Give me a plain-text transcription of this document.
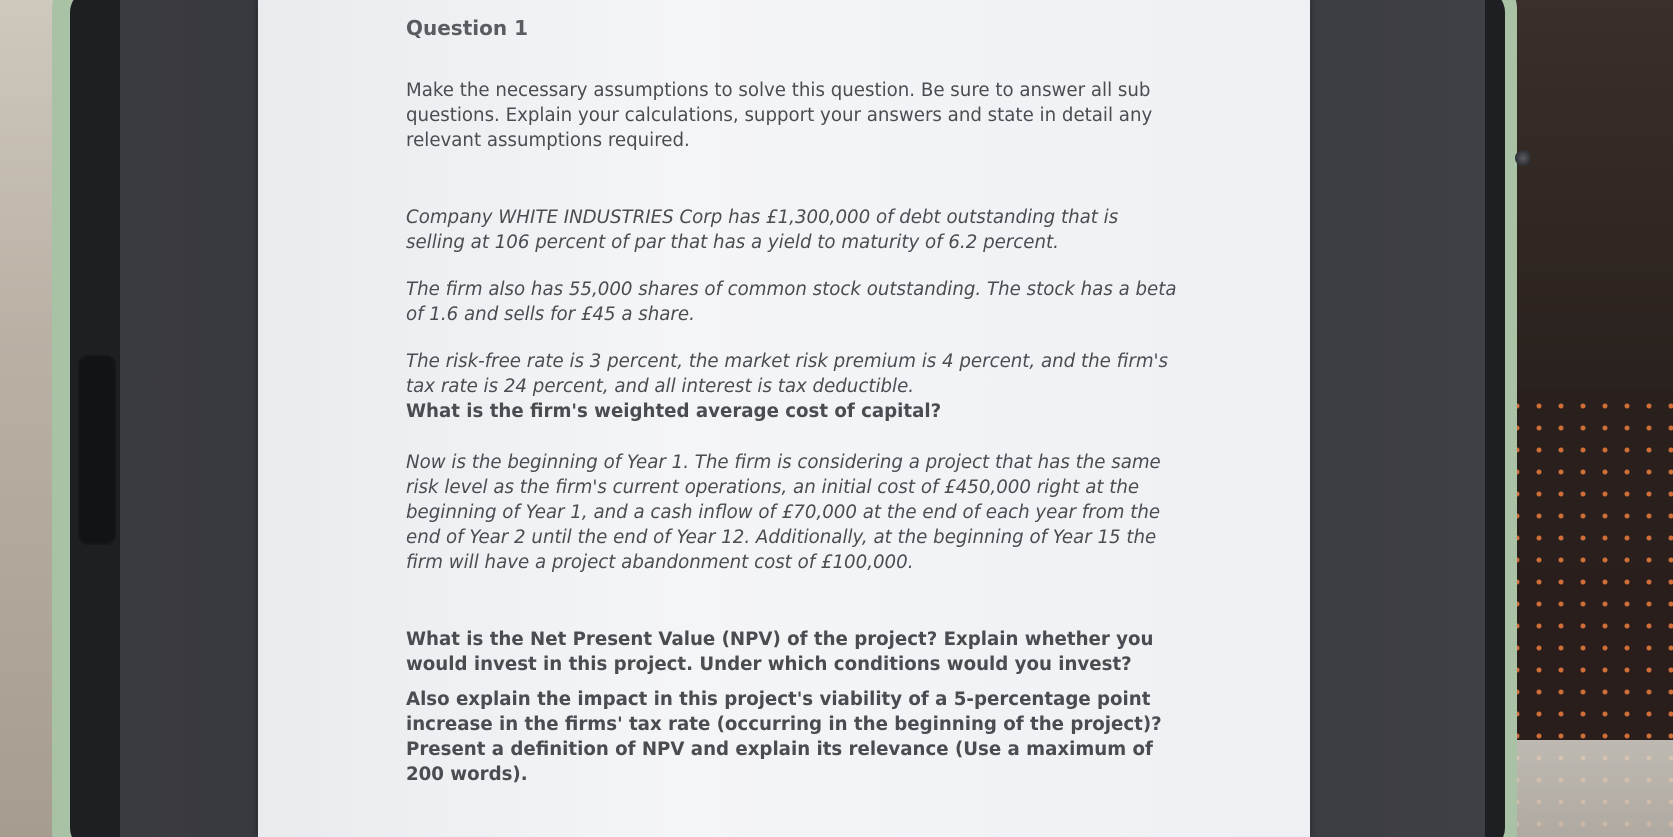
Question 1

Make the necessary assumptions to solve this question. Be sure to answer all sub questions. Explain your calculations, support your answers and state in detail any relevant assumptions required.

Company WHITE INDUSTRIES Corp has £1,300,000 of debt outstanding that is selling at 106 percent of par that has a yield to maturity of 6.2 percent.

The firm also has 55,000 shares of common stock outstanding. The stock has a beta of 1.6 and sells for £45 a share.

The risk-free rate is 3 percent, the market risk premium is 4 percent, and the firm's tax rate is 24 percent, and all interest is tax deductible.

What is the firm's weighted average cost of capital?

Now is the beginning of Year 1. The firm is considering a project that has the same risk level as the firm's current operations, an initial cost of £450,000 right at the beginning of Year 1, and a cash inflow of £70,000 at the end of each year from the end of Year 2 until the end of Year 12. Additionally, at the beginning of Year 15 the firm will have a project abandonment cost of £100,000.

What is the Net Present Value (NPV) of the project? Explain whether you would invest in this project. Under which conditions would you invest?

Also explain the impact in this project's viability of a 5-percentage point increase in the firms' tax rate (occurring in the beginning of the project)? Present a definition of NPV and explain its relevance (Use a maximum of 200 words).
